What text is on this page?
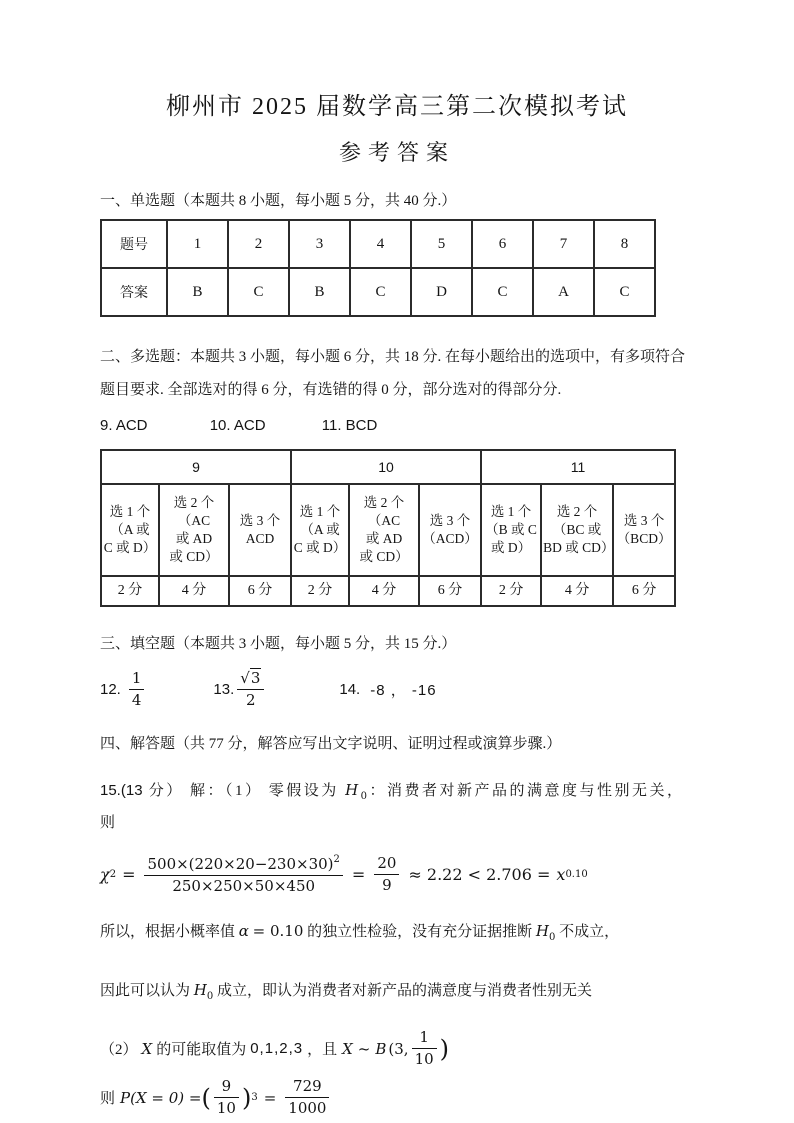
柳州市 2025 届数学高三第二次模拟考试
参考答案

一、单选题（本题共 8 小题，每小题 5 分，共 40 分.）

题号	1	2	3	4	5	6	7	8
答案	B	C	B	C	D	C	A	C

二、多选题：本题共 3 小题，每小题 6 分，共 18 分. 在每小题给出的选项中，有多项符合
题目要求. 全部选对的得 6 分，有选错的得 0 分，部分选对的得部分分.

9. ACD	10. ACD	11. BCD

9			10			11		
选 1 个
（A 或
C 或 D）	选 2 个
（AC
或 AD
或 CD）	选 3 个
ACD	选 1 个
（A 或
C 或 D）	选 2 个
（AC
或 AD
或 CD）	选 3 个
（ACD）	选 1 个
（B 或 C
或 D）	选 2 个
（BC 或
BD 或 CD）	选 3 个
（BCD）
2 分	4 分	6 分	2 分	4 分	6 分	2 分	4 分	6 分

三、填空题（本题共 3 小题，每小题 5 分，共 15 分.）

12. $\frac{1}{4}$	13. $\frac{√3}{2}$	14. -8 ， -16

四、解答题（共 77 分，解答应写出文字说明、证明过程或演算步骤.）

15.(13 分） 解：（1） 零假设为 $H_0$：消费者对新产品的满意度与性别无关，则

χ $2 = \frac{500\times(220\times 20-230\times 30)^2}{250\times 250\times 50\times 450} = \frac{20}{9} \approx 2.22 < 2.706 = x$ 0.10

所以，根据小概率值 α = 0.10 的独立性检验，没有充分证据推断 $H_0$ 不成立，

因此可以认为 $H_0$ 成立，即认为消费者对新产品的满意度与消费者性别无关

（2） X 的可能取值为 0,1,2,3 ，且 X ~ B (3, $\frac{1}{10}$ )
则 P(X = 0) = ( $\frac{9}{10}$ ) $3 = \frac{729}{1000}$
